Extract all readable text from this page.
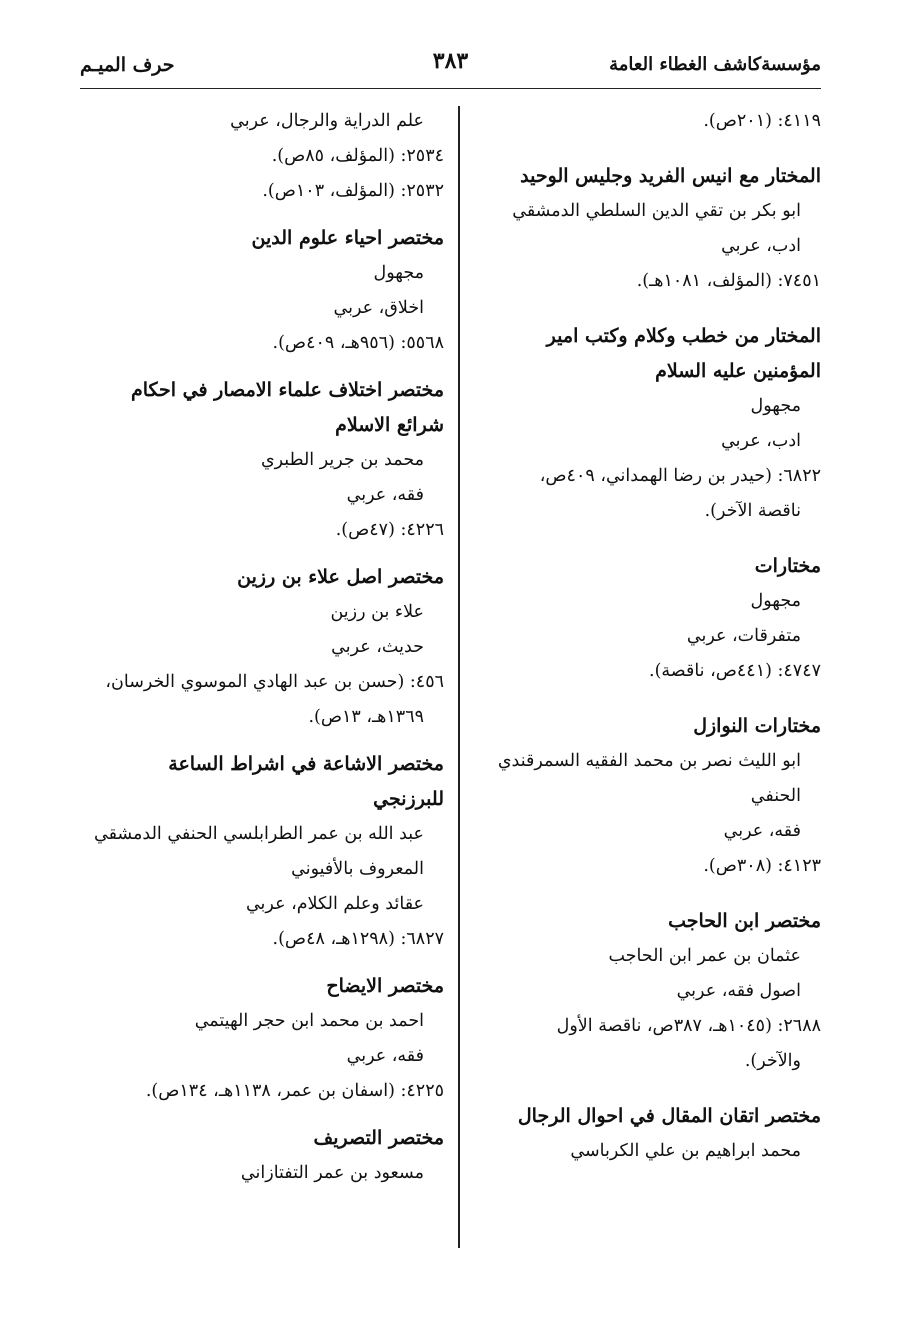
مؤسسةكاشف الغطاء العامة
٣٨٣
حرف الميـم
٤١١٩: (٢٠١ص).
المختار مع انيس الفريد وجليس الوحيد
ابو بكر بن تقي الدين السلطي الدمشقي
ادب، عربي
٧٤٥١: (المؤلف، ١٠٨١هـ).
المختار من خطب وكلام وكتب امير
المؤمنين عليه السلام
مجهول
ادب، عربي
٦٨٢٢: (حيدر بن رضا الهمداني، ٤٠٩ص،
ناقصة الآخر).
مختارات
مجهول
متفرقات، عربي
٤٧٤٧: (٤٤١ص، ناقصة).
مختارات النوازل
ابو الليث نصر بن محمد الفقيه السمرقندي
الحنفي
فقه، عربي
٤١٢٣: (٣٠٨ص).
مختصر ابن الحاجب
عثمان بن عمر ابن الحاجب
اصول فقه، عربي
٢٦٨٨: (١٠٤٥هـ، ٣٨٧ص، ناقصة الأول
والآخر).
مختصر اتقان المقال في احوال الرجال
محمد ابراهيم بن علي الكرباسي
علم الدراية والرجال، عربي
٢٥٣٤: (المؤلف، ٨٥ص).
٢٥٣٢: (المؤلف، ١٠٣ص).
مختصر احياء علوم الدين
مجهول
اخلاق، عربي
٥٥٦٨: (٩٥٦هـ، ٤٠٩ص).
مختصر اختلاف علماء الامصار في احكام
شرائع الاسلام
محمد بن جرير الطبري
فقه، عربي
٤٢٢٦: (٤٧ص).
مختصر اصل علاء بن رزين
علاء بن رزين
حديث، عربي
٤٥٦: (حسن بن عبد الهادي الموسوي الخرسان،
١٣٦٩هـ، ١٣ص).
مختصر الاشاعة في اشراط الساعة
للبرزنجي
عبد الله بن عمر الطرابلسي الحنفي الدمشقي
المعروف بالأفيوني
عقائد وعلم الكلام، عربي
٦٨٢٧: (١٢٩٨هـ، ٤٨ص).
مختصر الايضاح
احمد بن محمد ابن حجر الهيتمي
فقه، عربي
٤٢٢٥: (اسفان بن عمر، ١١٣٨هـ، ١٣٤ص).
مختصر التصريف
مسعود بن عمر التفتازاني
